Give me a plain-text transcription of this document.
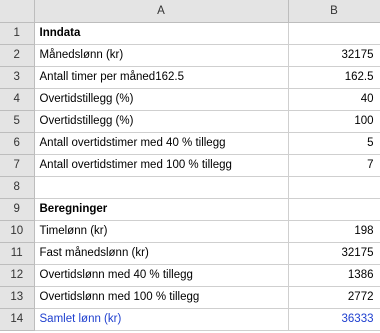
	A	B
1	Inndata	
2	Månedslønn (kr)	32175
3	Antall timer per måned162.5	162.5
4	Overtidstillegg (%)	40
5	Overtidstillegg (%)	100
6	Antall overtidstimer med 40 % tillegg	5
7	Antall overtidstimer med 100 % tillegg	7
8		
9	Beregninger	
10	Timelønn (kr)	198
11	Fast månedslønn (kr)	32175
12	Overtidslønn med 40 % tillegg	1386
13	Overtidslønn med 100 % tillegg	2772
14	Samlet lønn (kr)	36333
